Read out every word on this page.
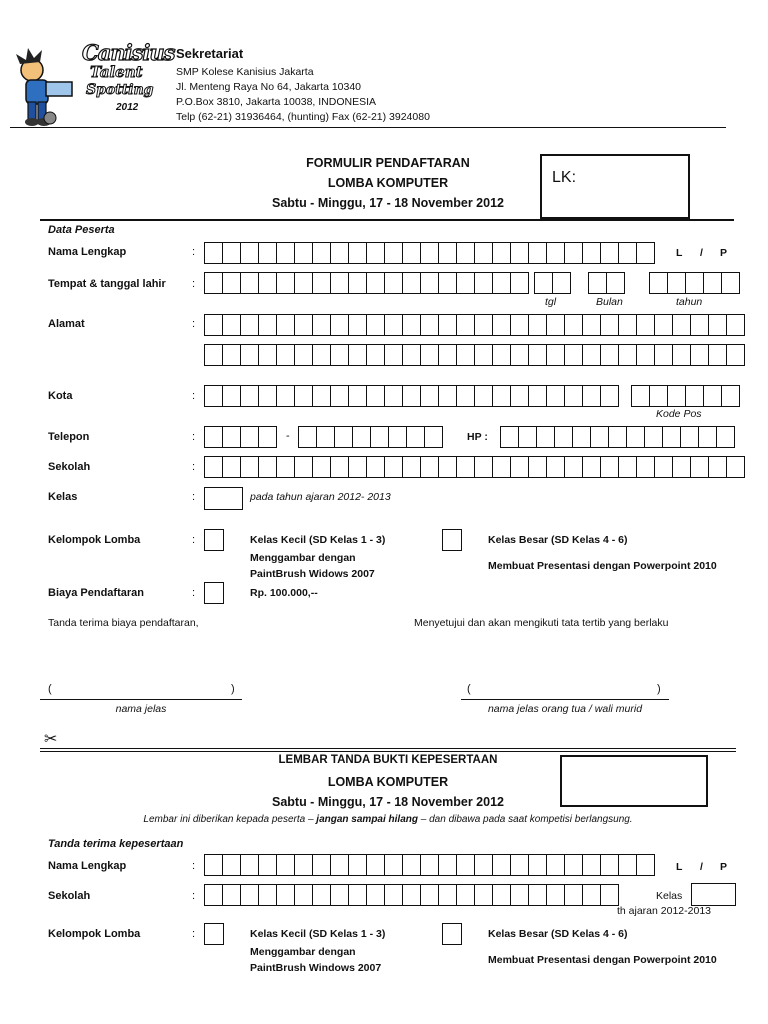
Canisius
Talent
Spotting
2012
Sekretariat
SMP Kolese Kanisius Jakarta
Jl. Menteng Raya No 64, Jakarta 10340
P.O.Box 3810, Jakarta 10038, INDONESIA
Telp (62-21) 31936464, (hunting) Fax (62-21) 3924080
FORMULIR PENDAFTARAN
LOMBA KOMPUTER
Sabtu - Minggu, 17 - 18 November 2012
LK:
Data Peserta
Nama Lengkap	:	L / P
Tempat & tanggal lahir :
tgl	Bulan	tahun
Alamat	:
Kota	:
Kode Pos
Telepon	:	-	HP :
Sekolah	:
Kelas	:	pada tahun ajaran 2012- 2013
Kelompok Lomba	:	Kelas Kecil (SD Kelas 1 - 3)
Menggambar dengan
PaintBrush Widows 2007
Kelas Besar (SD Kelas 4 - 6)
Membuat Presentasi dengan Powerpoint 2010
Biaya Pendaftaran	:	Rp. 100.000,--
Tanda terima biaya pendaftaran,	Menyetujui dan akan mengikuti tata tertib yang berlaku
(	)
nama jelas
(	)
nama jelas orang tua / wali murid
✂
LEMBAR TANDA BUKTI KEPESERTAAN
LOMBA KOMPUTER
Sabtu - Minggu, 17 - 18 November 2012
Lembar ini diberikan kepada peserta – jangan sampai hilang – dan dibawa pada saat kompetisi berlangsung.
Tanda terima kepesertaan
Nama Lengkap	:	L / P
Sekolah	:	Kelas
th ajaran 2012-2013
Kelompok Lomba	:	Kelas Kecil (SD Kelas 1 - 3)
Menggambar dengan
PaintBrush Windows 2007
Kelas Besar (SD Kelas 4 - 6)
Membuat Presentasi dengan Powerpoint 2010
